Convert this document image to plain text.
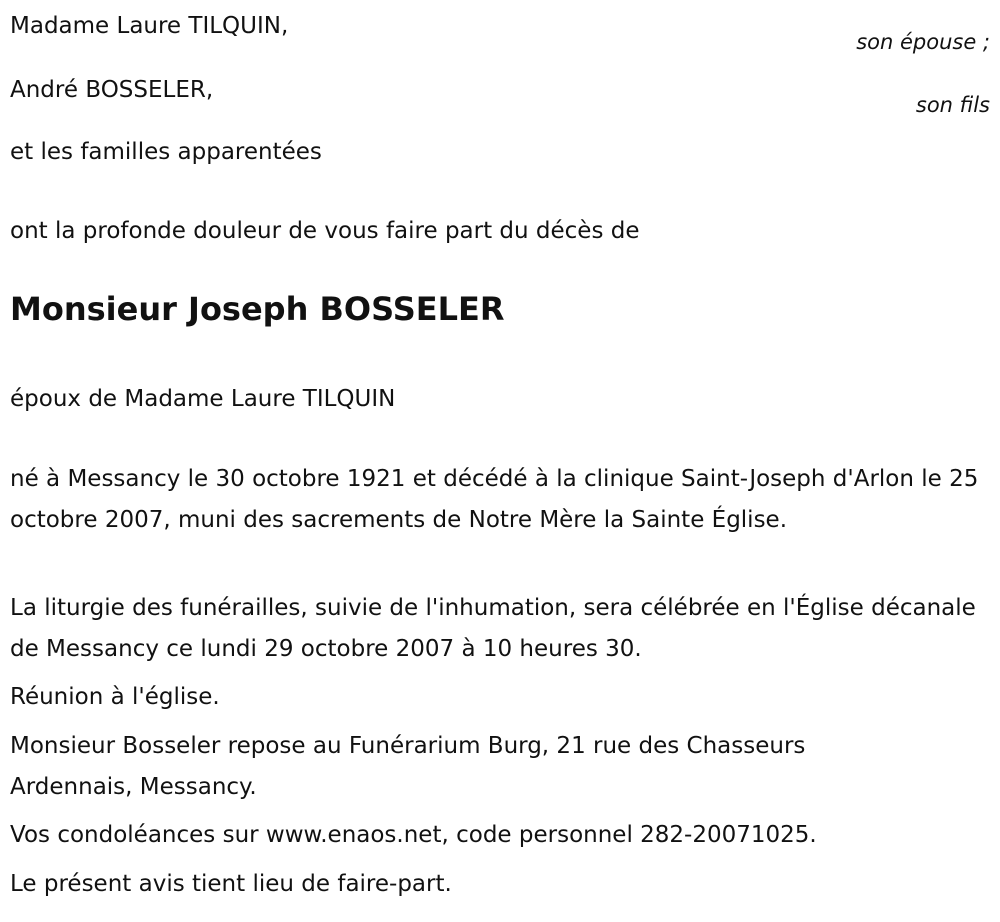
Madame Laure TILQUIN,
son épouse ;
André BOSSELER,
son fils
et les familles apparentées
ont la profonde douleur de vous faire part du décès de
Monsieur Joseph BOSSELER
époux de Madame Laure TILQUIN
né à Messancy le 30 octobre 1921 et décédé à la clinique Saint-Joseph d'Arlon le 25 octobre 2007, muni des sacrements de Notre Mère la Sainte Église.
La liturgie des funérailles, suivie de l'inhumation, sera célébrée en l'Église décanale de Messancy ce lundi 29 octobre 2007 à 10 heures 30.
Réunion à l'église.
Monsieur Bosseler repose au Funérarium Burg, 21 rue des Chasseurs Ardennais, Messancy.
Vos condoléances sur www.enaos.net, code personnel 282-20071025.
Le présent avis tient lieu de faire-part.
